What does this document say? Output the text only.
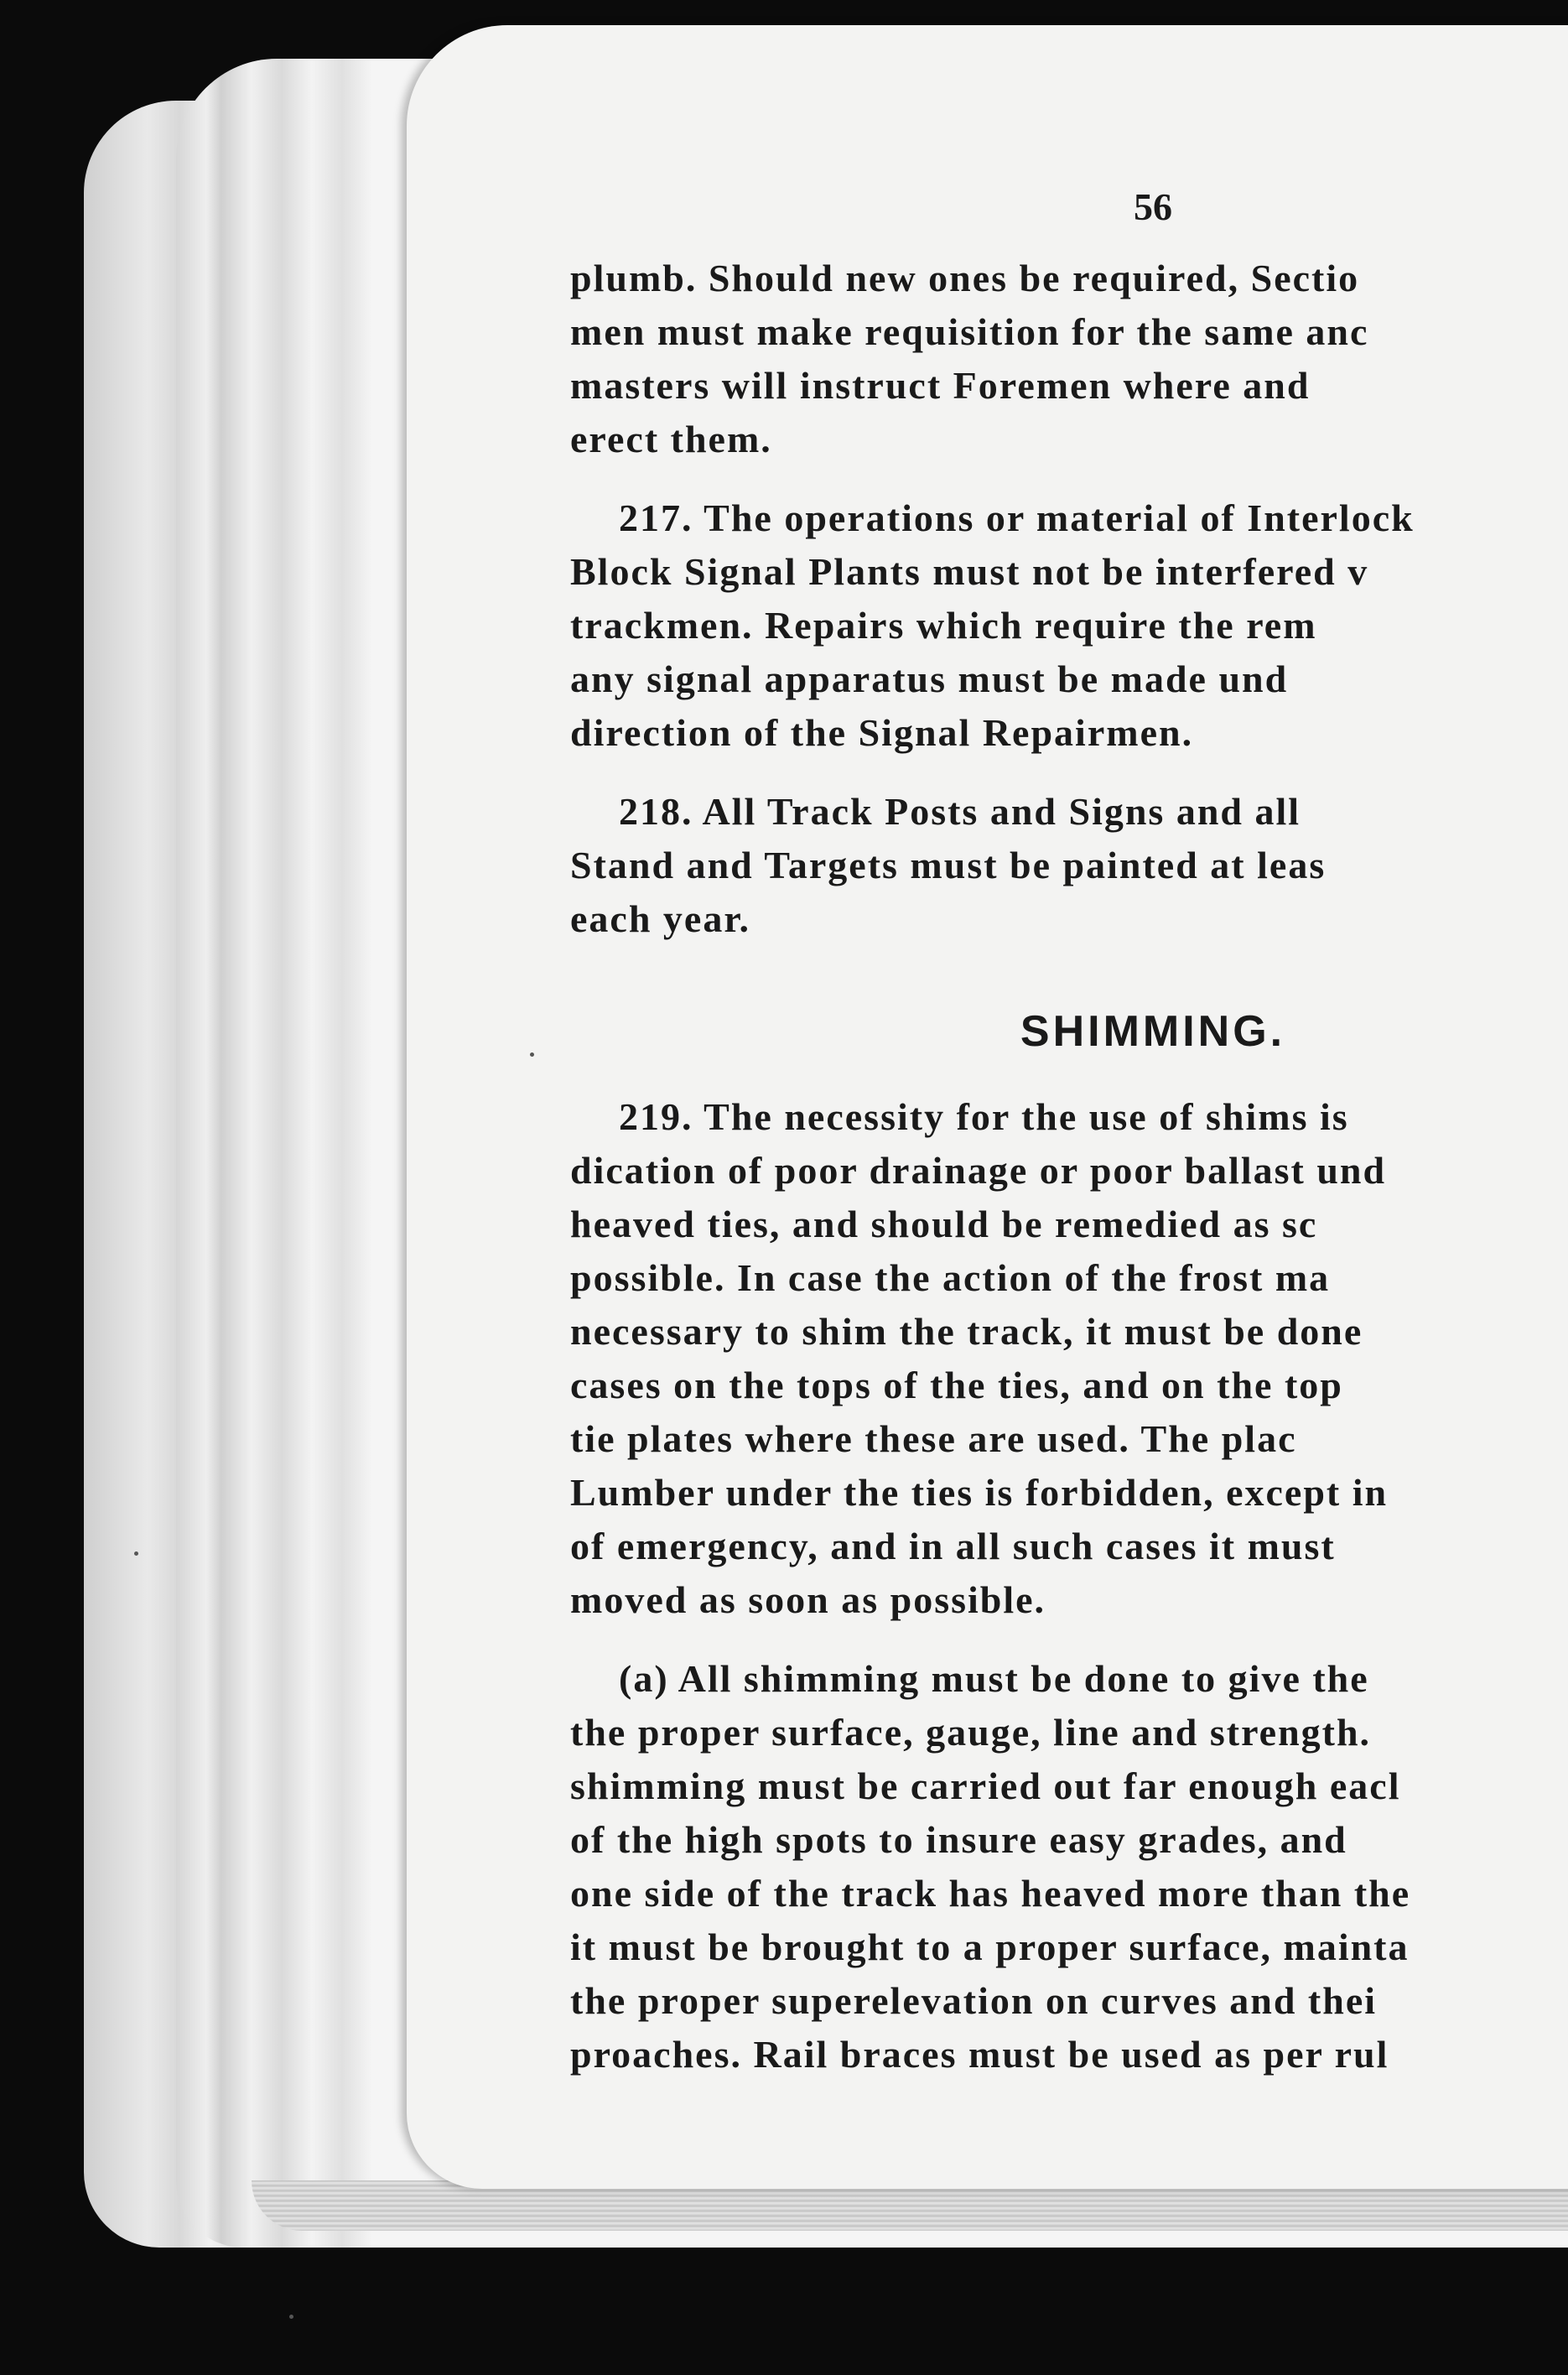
56
plumb. Should new ones be required, Sectio
men must make requisition for the same anc
masters will instruct Foremen where and
erect them.
217. The operations or material of Interlock
Block Signal Plants must not be interfered v
trackmen. Repairs which require the rem
any signal apparatus must be made und
direction of the Signal Repairmen.
218. All Track Posts and Signs and all
Stand and Targets must be painted at leas
each year.
SHIMMING.
219. The necessity for the use of shims is
dication of poor drainage or poor ballast und
heaved ties, and should be remedied as sc
possible. In case the action of the frost ma
necessary to shim the track, it must be done
cases on the tops of the ties, and on the top
tie plates where these are used. The plac
Lumber under the ties is forbidden, except in
of emergency, and in all such cases it must
moved as soon as possible.
(a) All shimming must be done to give the
the proper surface, gauge, line and strength.
shimming must be carried out far enough eacl
of the high spots to insure easy grades, and
one side of the track has heaved more than the
it must be brought to a proper surface, mainta
the proper superelevation on curves and thei
proaches. Rail braces must be used as per rul
